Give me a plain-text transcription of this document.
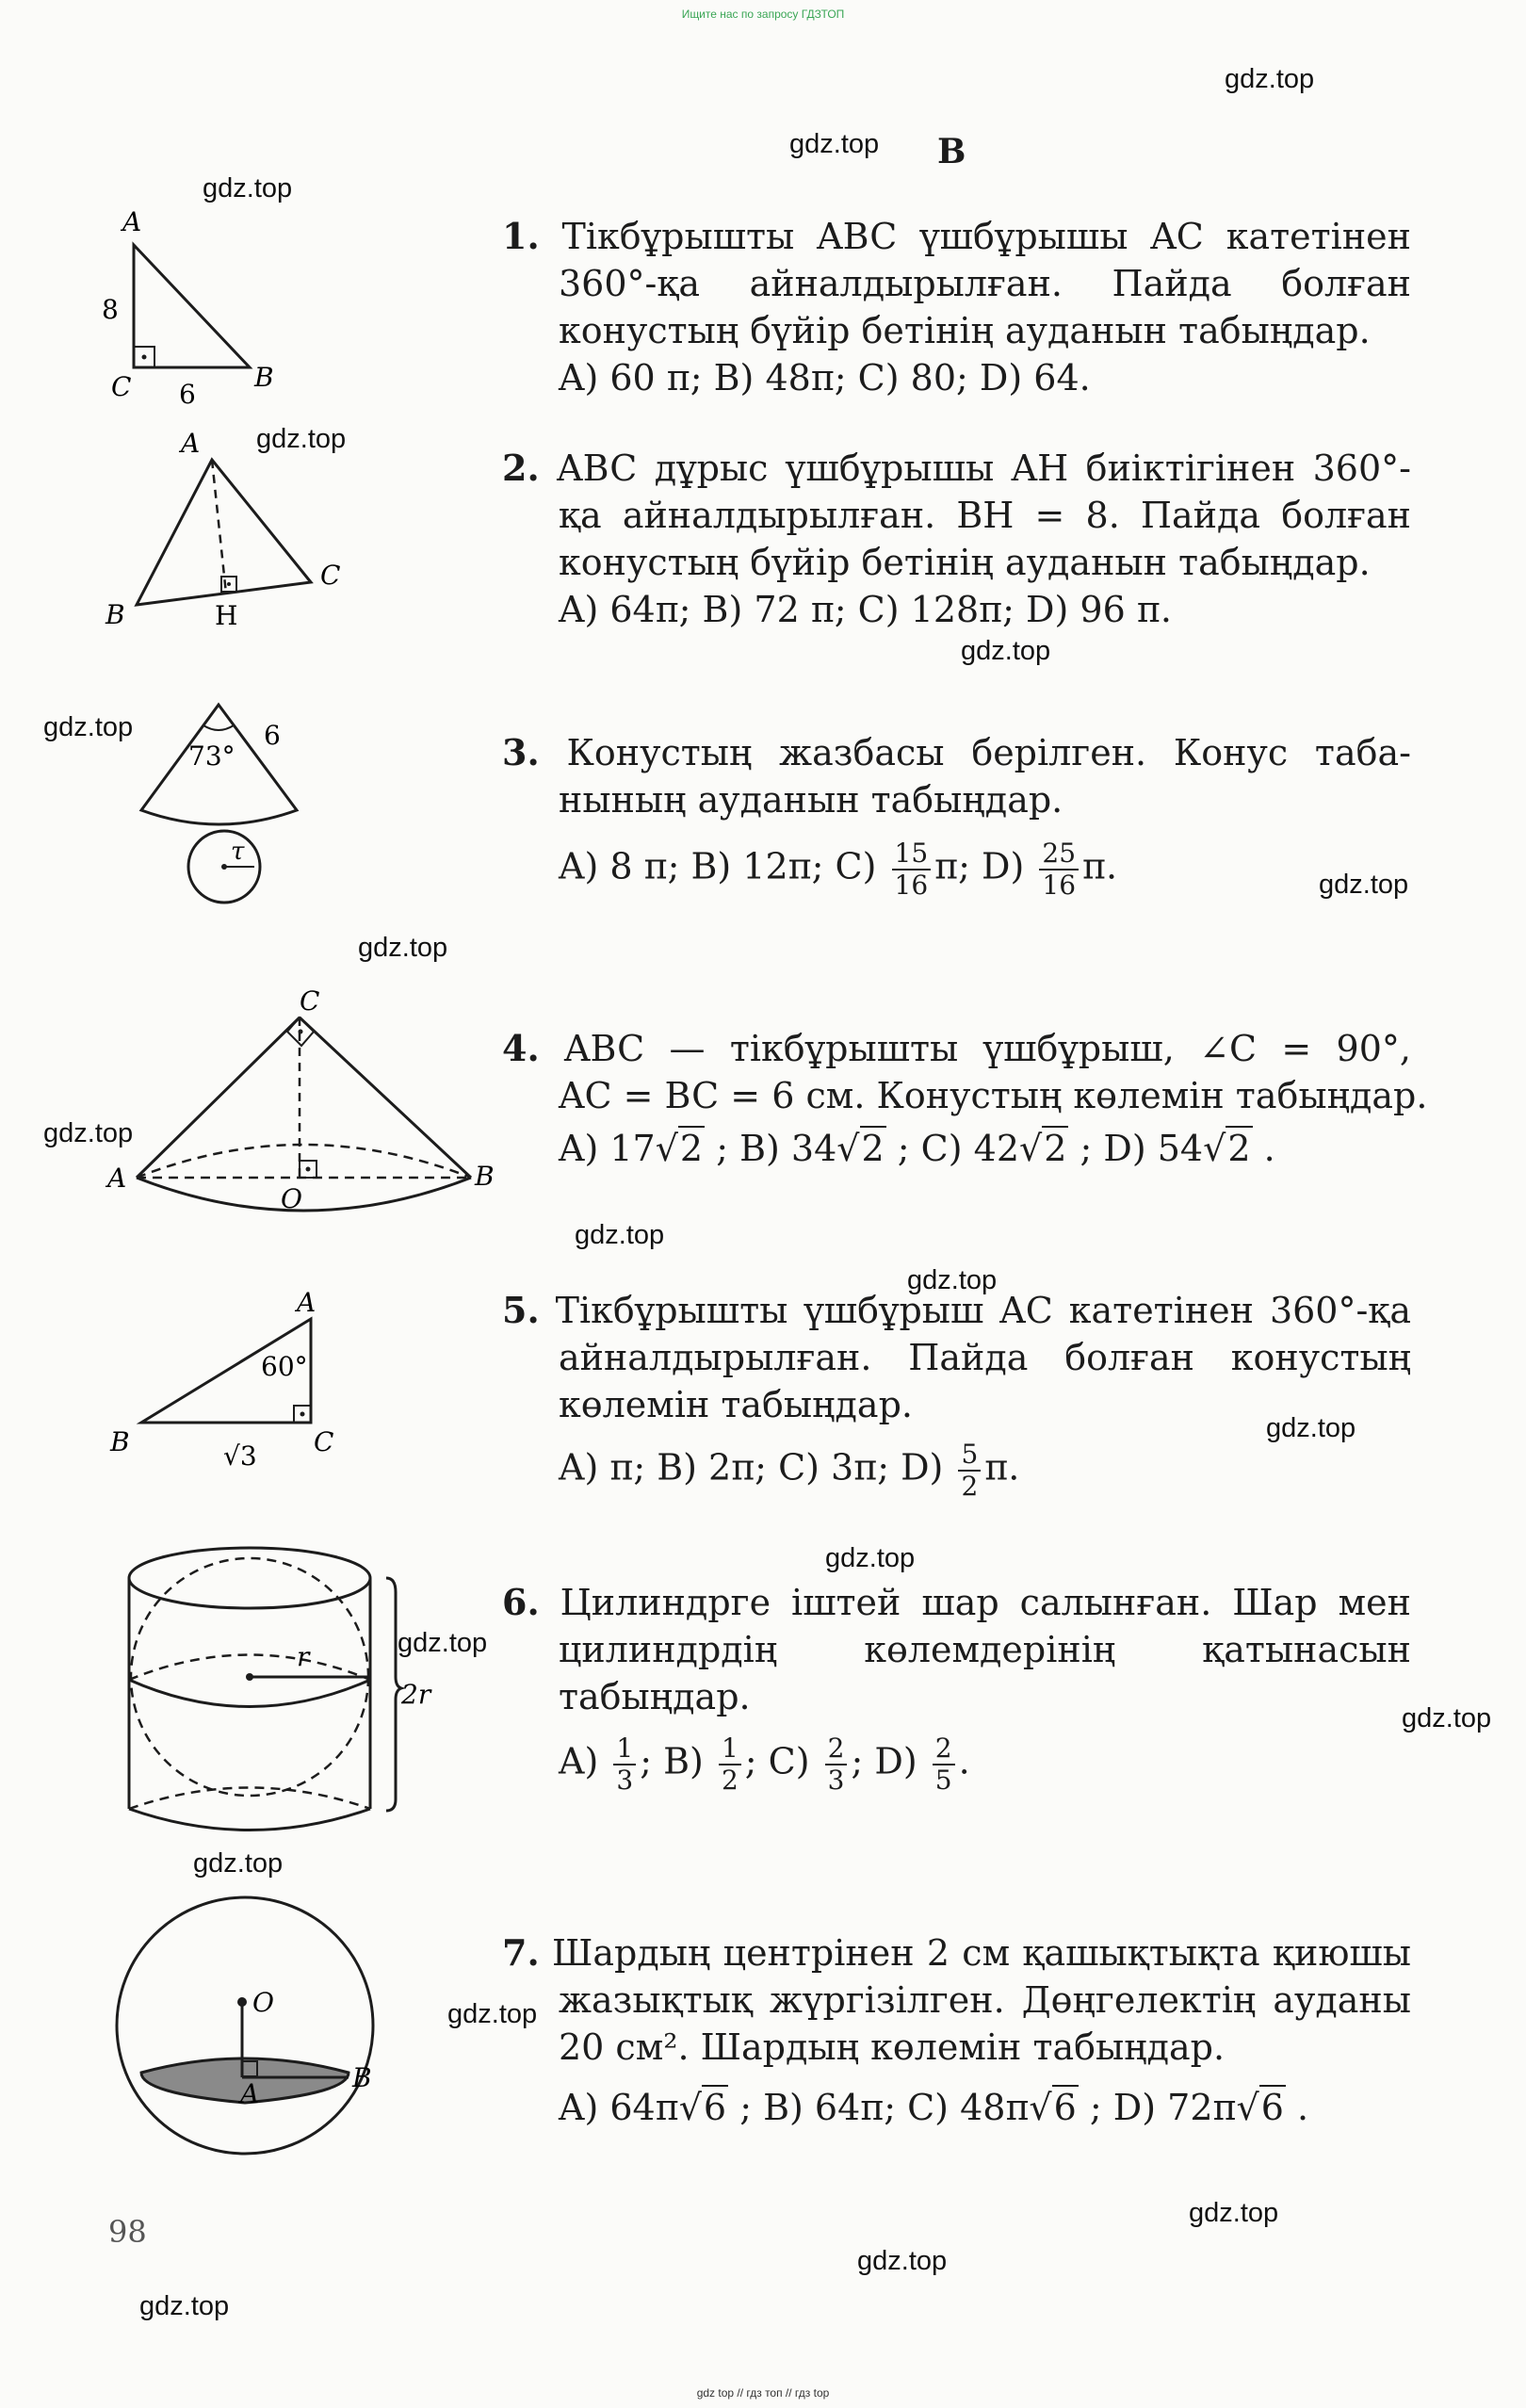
Ищите нас по запросу ГДЗТОП
gdz.top
gdz.top
gdz.top
gdz.top
gdz.top
gdz.top
gdz.top
gdz.top
gdz.top
gdz.top
gdz.top
gdz.top
gdz.top
gdz.top
gdz.top
gdz.top
gdz.top
gdz.top
gdz.top
gdz.top
B
A
C	B
8
6
A
B
C
H
73°
6
τ
C
A	B
O
A
B	C
60°
√3
r
2r
O
A
B
1. Тікбұрышты ABC үшбұрышы AC катетінен
360°-қа айналдырылған. Пайда болған
конустың бүйір бетінің ауданын табыңдар.
A) 60 π; B) 48π; C) 80; D) 64.
2. ABC дұрыс үшбұрышы AH биіктігінен 360°-
қа айналдырылған. BH = 8. Пайда болған
конустың бүйір бетінің ауданын табыңдар.
A) 64π; B) 72 π; C) 128π; D) 96 π.
3. Конустың жазбасы берілген. Конус таба-
нының ауданын табыңдар.
A) 8 π; B) 12π; $C) \frac{15}{16} \pi$; $D) \frac{25}{16} \pi$.
4. ABC — тікбұрышты үшбұрыш, ∠C = 90°,
AC = BC = 6 см. Конустың көлемін табыңдар.
A) 17√2 ; B) 34√2 ; C) 42√2 ; D) 54√2 .
5. Тікбұрышты үшбұрыш AC катетінен 360°-қа
айналдырылған. Пайда болған конустың
көлемін табыңдар.
A) π; B) 2π; C) 3π; $D) \frac{5}{2} \pi$.
6. Цилиндрге іштей шар салынған. Шар мен
цилиндрдің көлемдерінің қатынасын
табыңдар.
$A) \frac{1}{3}$ ; $B) \frac{1}{2}$ ; $C) \frac{2}{3}$ ; $D) \frac{2}{5}$ .
7. Шардың центрінен 2 см қашықтықта қиюшы
жазықтық жүргізілген. Дөңгелектің ауданы
20 см². Шардың көлемін табыңдар.
A) 64π√6 ; B) 64π; C) 48π√6 ; D) 72π√6 .
98
gdz top // гдз топ // гдз top
